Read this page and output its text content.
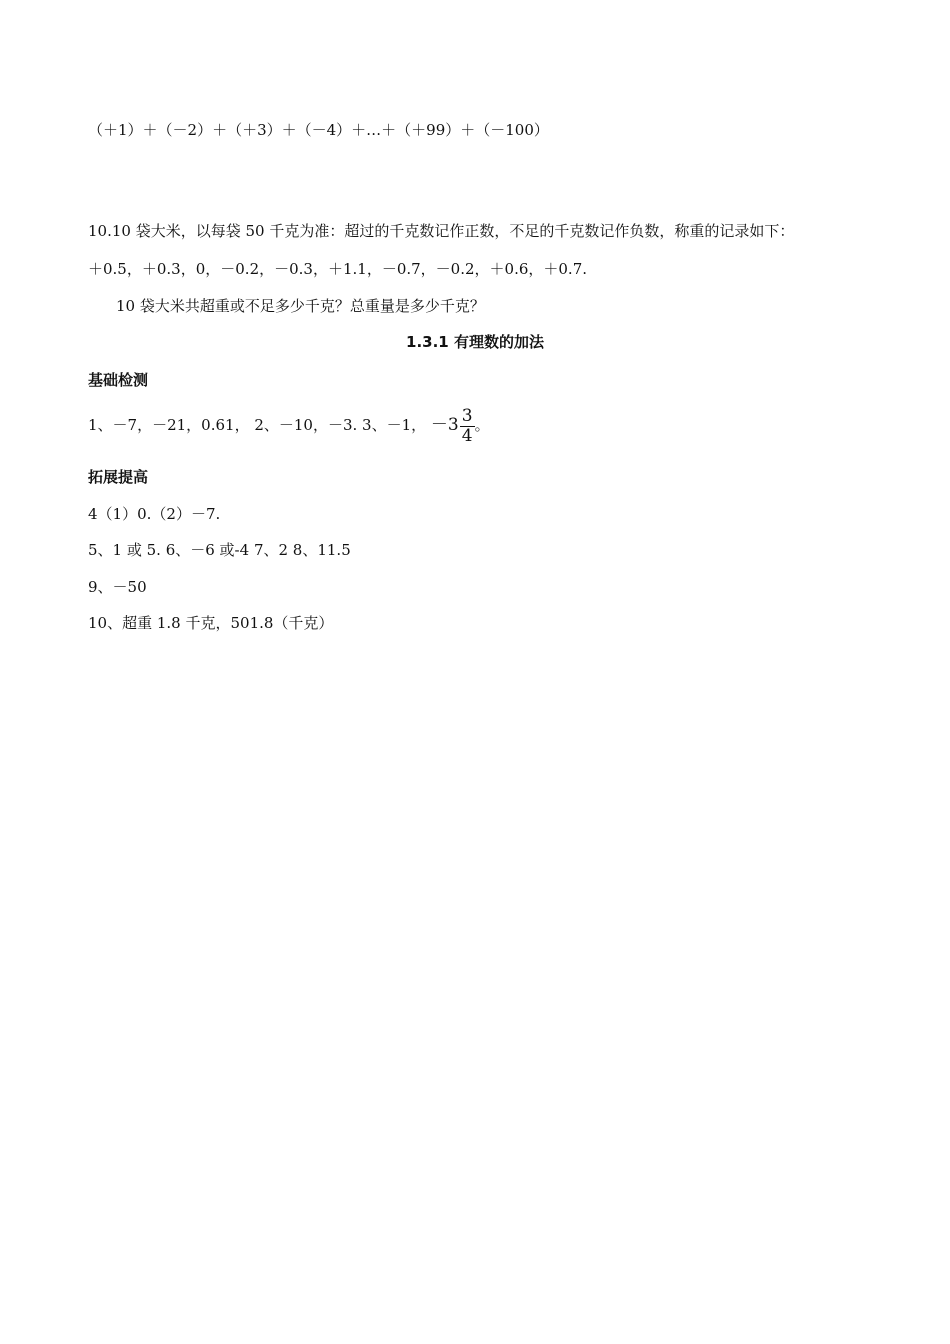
（＋1）＋（－2）＋（＋3）＋（－4）＋…＋（＋99）＋（－100）
10.10 袋大米，以每袋 50 千克为准：超过的千克数记作正数，不足的千克数记作负数，称重的记录如下：
＋0.5，＋0.3，0，－0.2，－0.3，＋1.1，－0.7，－0.2，＋0.6，＋0.7.
10 袋大米共超重或不足多少千克？总重量是多少千克？
1.3.1 有理数的加法
基础检测
1、－7，－21，0.61， 2、－10，－3. 3、－1， $-3 \frac{3}{4}$ 。
拓展提高
4（1）0.（2）－7.
5、1 或 5. 6、－6 或-4 7、2 8、11.5
9、－50
10、超重 1.8 千克，501.8（千克）
